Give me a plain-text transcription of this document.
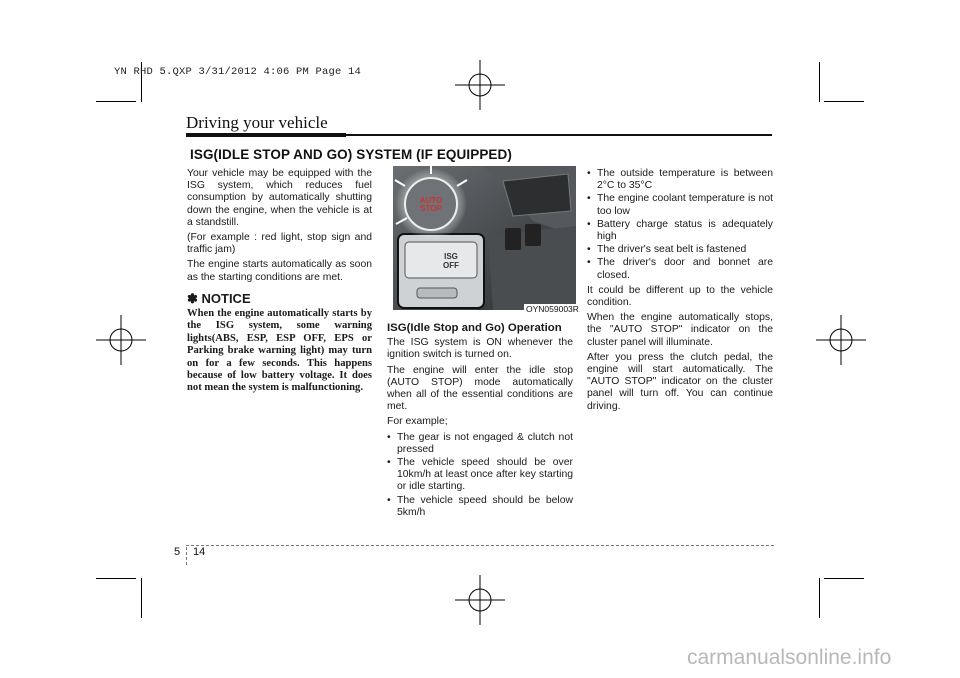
YN RHD 5.QXP 3/31/2012 4:06 PM Page 14
Driving your vehicle
ISG(IDLE STOP AND GO) SYSTEM (IF EQUIPPED)

Your vehicle may be equipped with the ISG system, which reduces fuel consumption by automatically shutting down the engine, when the vehicle is at a standstill.

(For example : red light, stop sign and traffic jam)

The engine starts automatically as soon as the starting conditions are met.

✽ NOTICE

When the engine automatically starts by the ISG system, some warning lights(ABS, ESP, ESP OFF, EPS or Parking brake warning light) may turn on for a few seconds. This happens because of low battery voltage. It does not mean the system is malfunctioning.

AUTO
STOP
ISG
OFF
OYN059003R
ISG(Idle Stop and Go) Operation

The ISG system is ON whenever the ignition switch is turned on.

The engine will enter the idle stop (AUTO STOP) mode automatically when all of the essential conditions are met.

For example;

• The gear is not engaged & clutch not pressed
• The vehicle speed should be over 10km/h at least once after key starting or idle starting.
• The vehicle speed should be below 5km/h
• The outside temperature is between 2°C to 35°C
• The engine coolant temperature is not too low
• Battery charge status is adequately high
• The driver's seat belt is fastened
• The driver's door and bonnet are closed.

It could be different up to the vehicle condition.

When the engine automatically stops, the "AUTO STOP" indicator on the cluster panel will illuminate.

After you press the clutch pedal, the engine will start automatically. The "AUTO STOP" indicator on the cluster panel will turn off. You can continue driving.

5 14
carmanualsonline.info
